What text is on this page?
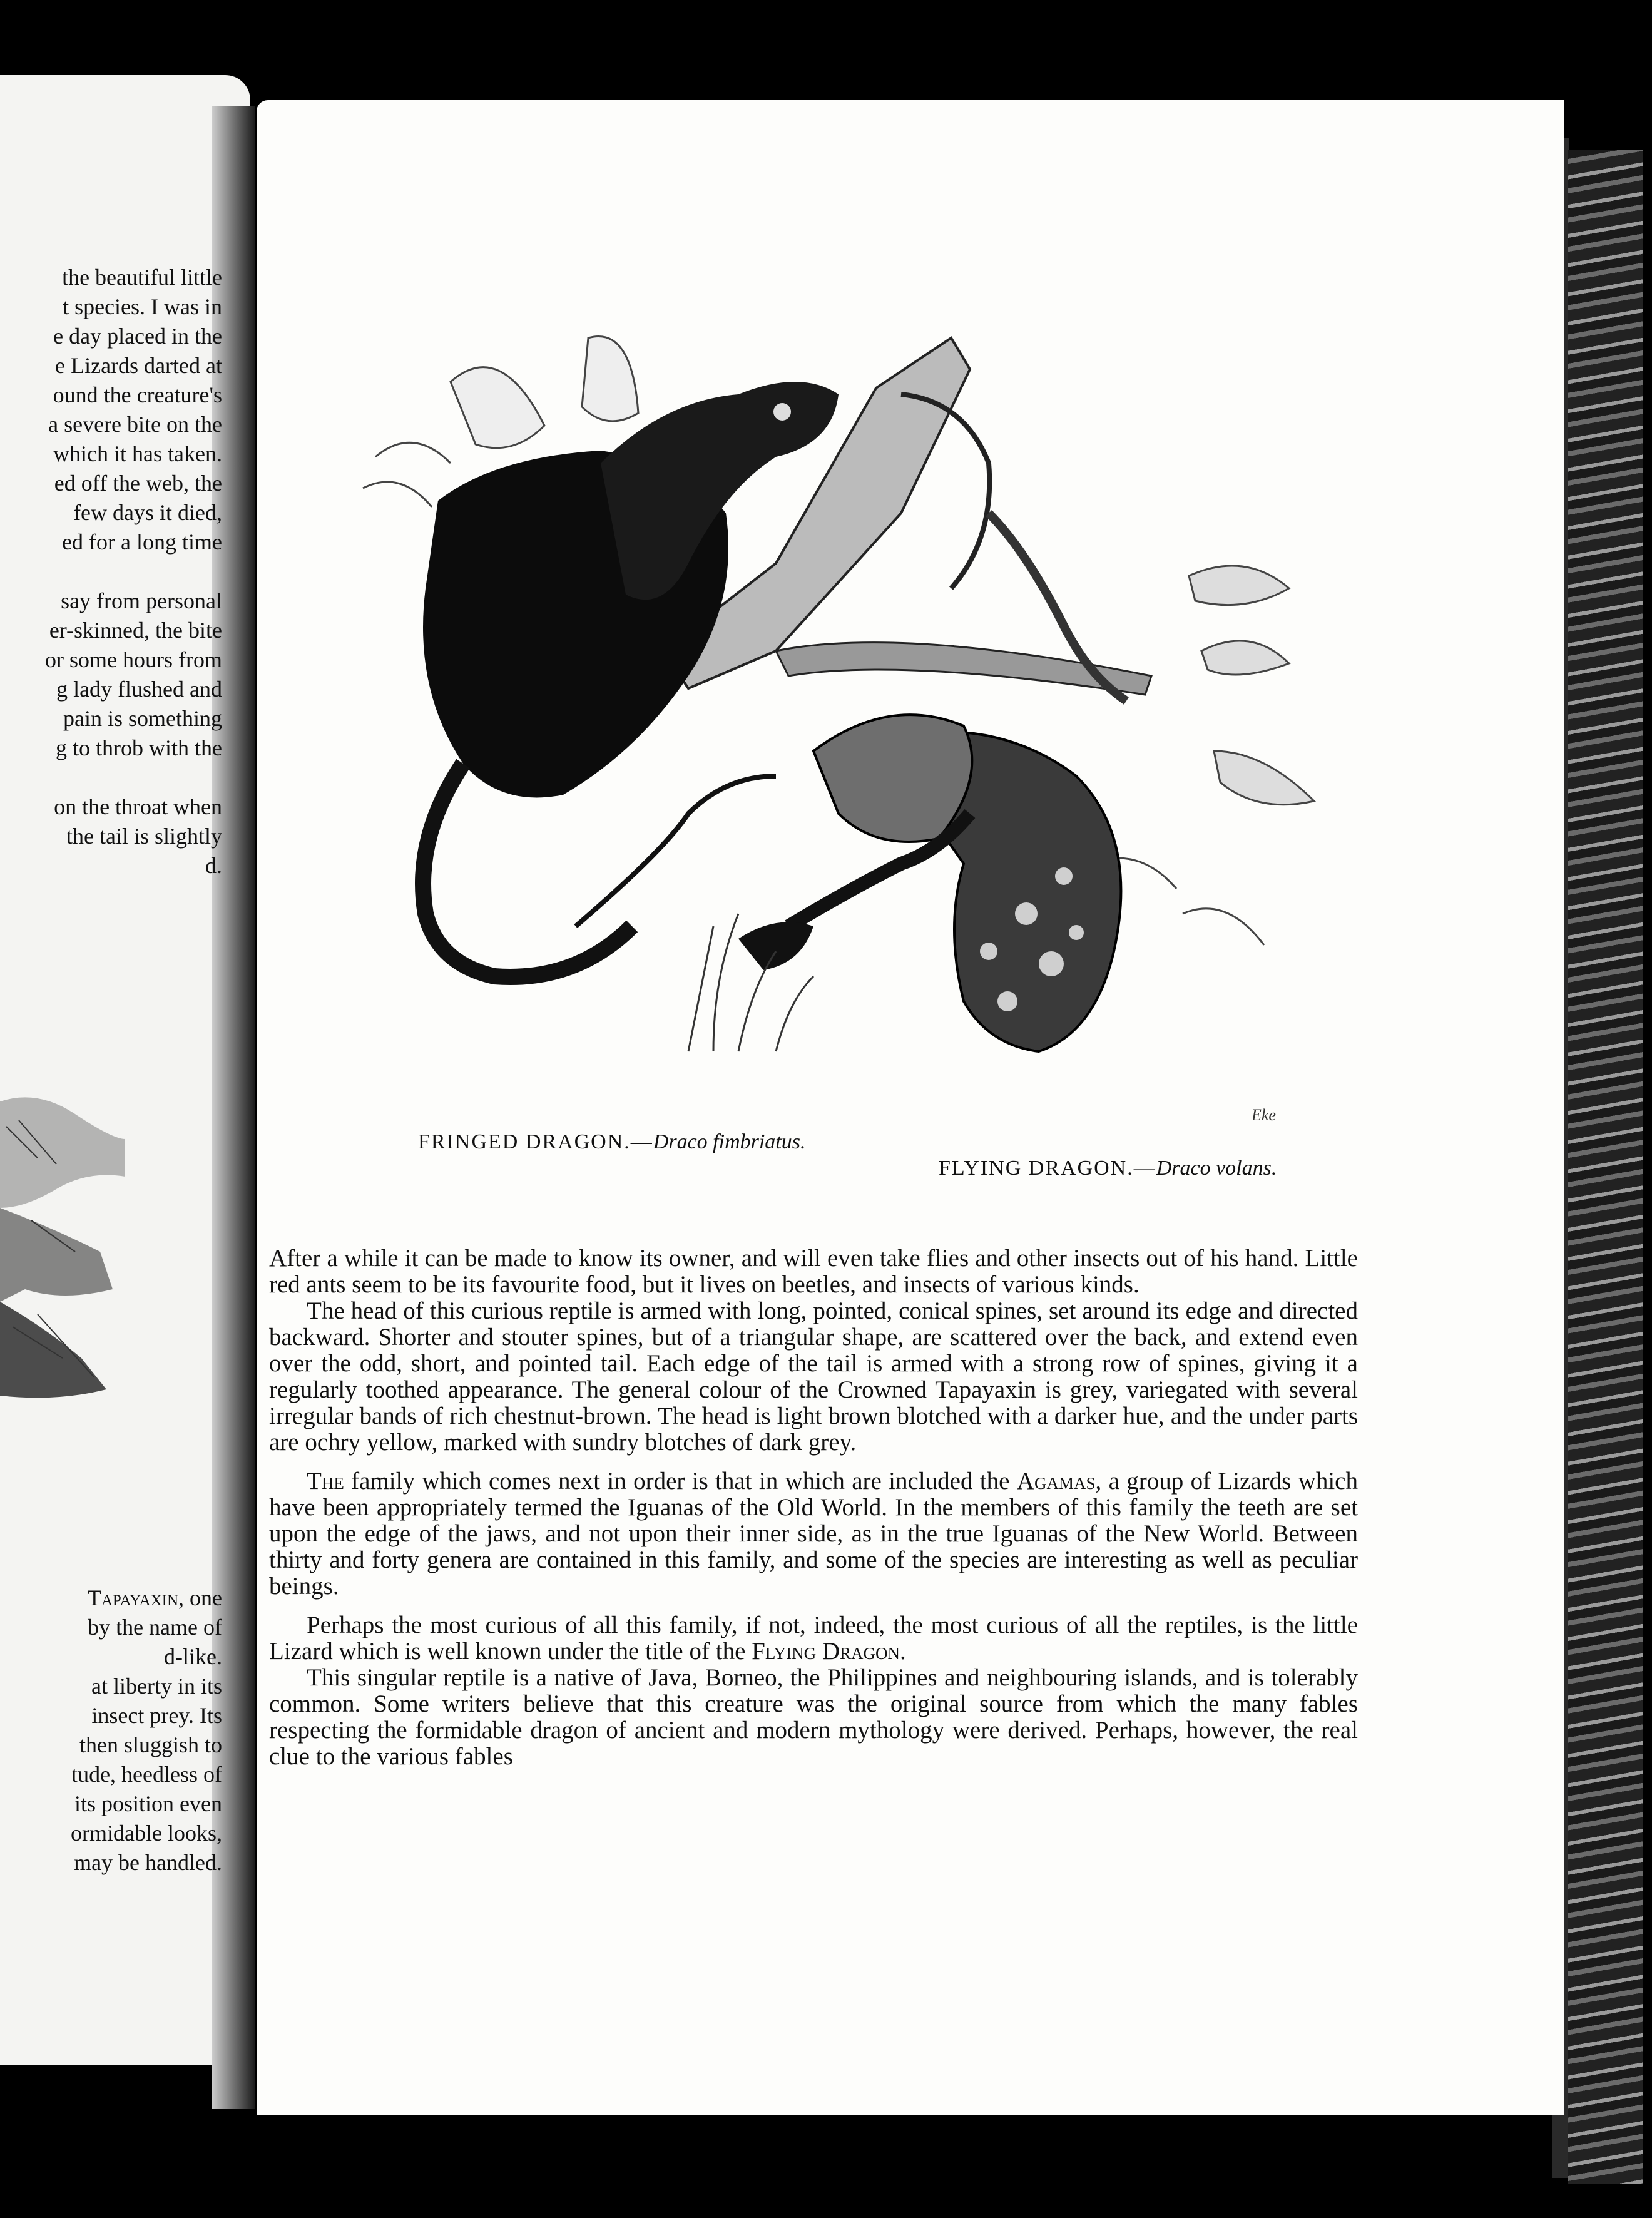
the beautiful little
t species. I was in
e day placed in the
e Lizards darted at
ound the creature's
a severe bite on the
which it has taken.
ed off the web, the
few days it died,
ed for a long time

say from personal
er-skinned, the bite
or some hours from
g lady flushed and
pain is something
g to throb with the

on the throat when
the tail is slightly
d.
Tapayaxin, one
by the name of
d-like.
at liberty in its
insect prey. Its
then sluggish to
tude, heedless of
its position even
ormidable looks,
may be handled.
Eke
FRINGED DRAGON.—Draco fimbriatus.
FLYING DRAGON.—Draco volans.

After a while it can be made to know its owner, and will even take flies and other insects out of his hand. Little red ants seem to be its favourite food, but it lives on beetles, and insects of various kinds.

The head of this curious reptile is armed with long, pointed, conical spines, set around its edge and directed backward. Shorter and stouter spines, but of a triangular shape, are scattered over the back, and extend even over the odd, short, and pointed tail. Each edge of the tail is armed with a strong row of spines, giving it a regularly toothed appearance. The general colour of the Crowned Tapayaxin is grey, variegated with several irregular bands of rich chestnut-brown. The head is light brown blotched with a darker hue, and the under parts are ochry yellow, marked with sundry blotches of dark grey.

The family which comes next in order is that in which are included the Agamas, a group of Lizards which have been appropriately termed the Iguanas of the Old World. In the members of this family the teeth are set upon the edge of the jaws, and not upon their inner side, as in the true Iguanas of the New World. Between thirty and forty genera are contained in this family, and some of the species are interesting as well as peculiar beings.

Perhaps the most curious of all this family, if not, indeed, the most curious of all the reptiles, is the little Lizard which is well known under the title of the Flying Dragon.

This singular reptile is a native of Java, Borneo, the Philippines and neighbouring islands, and is tolerably common. Some writers believe that this creature was the original source from which the many fables respecting the formidable dragon of ancient and modern mythology were derived. Perhaps, however, the real clue to the various fables
